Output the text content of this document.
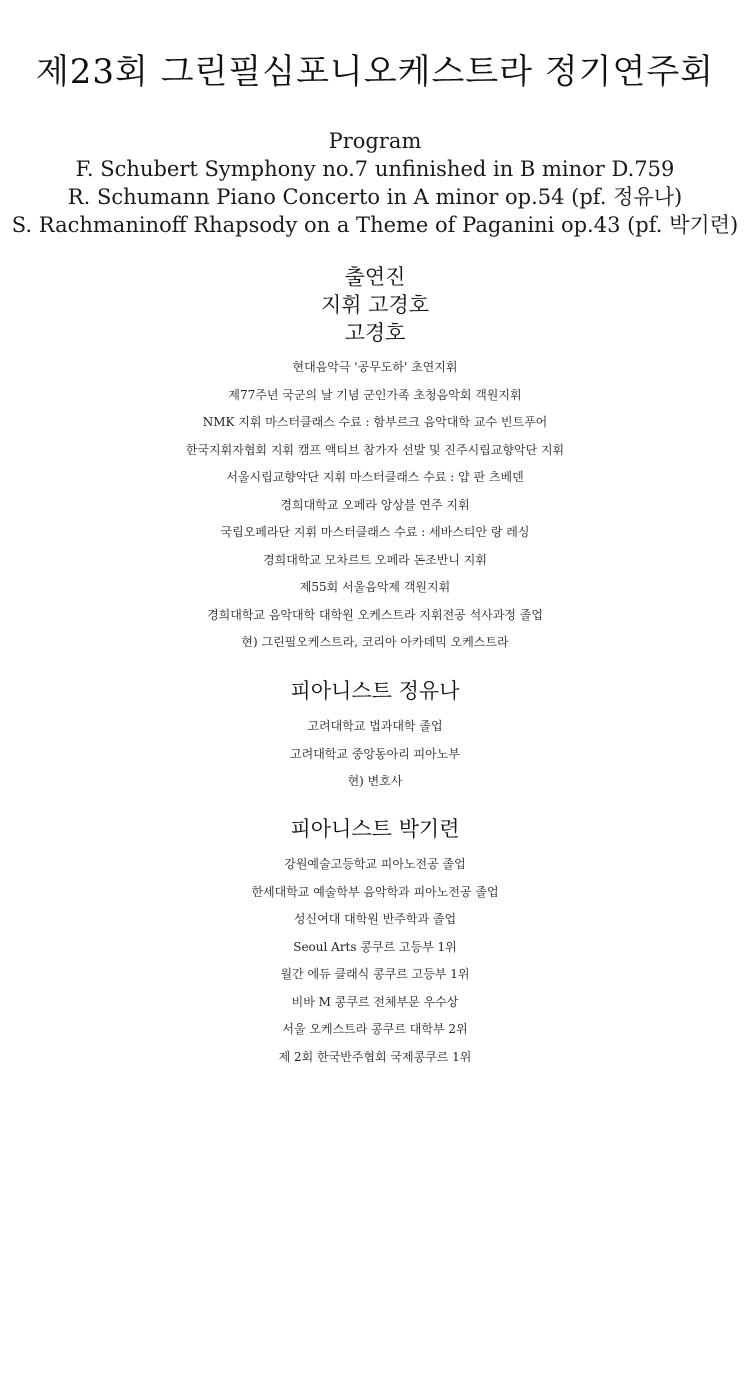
제23회 그린필심포니오케스트라 정기연주회
Program
F. Schubert Symphony no.7 unfinished in B minor D.759
R. Schumann Piano Concerto in A minor op.54 (pf. 정유나)
S. Rachmaninoff Rhapsody on a Theme of Paganini op.43 (pf. 박기련)
출연진
지휘 고경호
고경호
현대음악극 '공무도하' 초연지휘
제77주년 국군의 날 기념 군인가족 초청음악회 객원지휘
NMK 지휘 마스터클래스 수료 : 함부르크 음악대학 교수 빈트푸어
한국지휘자협회 지휘 캠프 액티브 참가자 선발 및 진주시립교향악단 지휘
서울시립교향악단 지휘 마스터클래스 수료 : 얍 판 츠베덴
경희대학교 오페라 앙상블 연주 지휘
국립오페라단 지휘 마스터클래스 수료 : 세바스티안 랑 레싱
경희대학교 모차르트 오페라 돈조반니 지휘
제55회 서울음악제 객원지휘
경희대학교 음악대학 대학원 오케스트라 지휘전공 석사과정 졸업
현) 그린필오케스트라, 코리아 아카데믹 오케스트라
피아니스트 정유나
고려대학교 법과대학 졸업
고려대학교 중앙동아리 피아노부
현) 변호사
피아니스트 박기련
강원예술고등학교 피아노전공 졸업
한세대학교 예술학부 음악학과 피아노전공 졸업
성신여대 대학원 반주학과 졸업
Seoul Arts 콩쿠르 고등부 1위
월간 에듀 클래식 콩쿠르 고등부 1위
비바 M 콩쿠르 전체부문 우수상
서울 오케스트라 콩쿠르 대학부 2위
제 2회 한국반주협회 국제콩쿠르 1위
